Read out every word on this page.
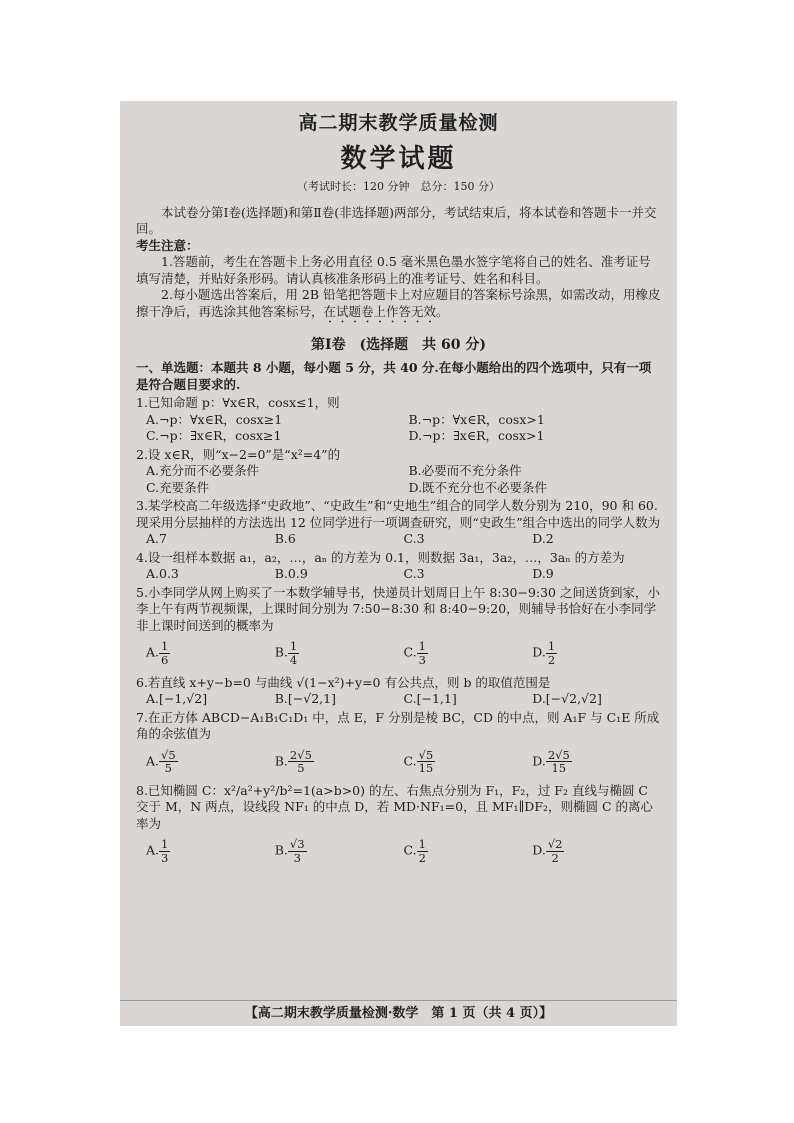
高二期末教学质量检测
数学试题
（考试时长：120 分钟　总分：150 分）

本试卷分第Ⅰ卷(选择题)和第Ⅱ卷(非选择题)两部分，考试结束后，将本试卷和答题卡一并交回。

考生注意：

1.答题前，考生在答题卡上务必用直径 0.5 毫米黑色墨水签字笔将自己的姓名、准考证号填写清楚，并贴好条形码。请认真核准条形码上的准考证号、姓名和科目。

2.每小题选出答案后，用 2B 铅笔把答题卡上对应题目的答案标号涂黑，如需改动，用橡皮擦干净后，再选涂其他答案标号，在试题卷上作答无效。

第Ⅰ卷　(选择题　共 60 分)

一、单选题：本题共 8 小题，每小题 5 分，共 40 分.在每小题给出的四个选项中，只有一项是符合题目要求的.

1.已知命题 p：∀x∈R，cosx≤1，则
A.¬p：∀x∈R，cosx≥1	B.¬p：∀x∈R，cosx>1
C.¬p：∃x∈R，cosx≥1	D.¬p：∃x∈R，cosx>1
2.设 x∈R，则“x−2=0”是“x²=4”的
A.充分而不必要条件	B.必要而不充分条件
C.充要条件	D.既不充分也不必要条件
3.某学校高二年级选择“史政地”、“史政生”和“史地生”组合的同学人数分别为 210，90 和 60.现采用分层抽样的方法选出 12 位同学进行一项调查研究，则“史政生”组合中选出的同学人数为
A.7	B.6	C.3	D.2
4.设一组样本数据 a₁，a₂，…，aₙ 的方差为 0.1，则数据 3a₁，3a₂，…，3aₙ 的方差为
A.0.3	B.0.9	C.3	D.9
5.小李同学从网上购买了一本数学辅导书，快递员计划周日上午 8:30−9:30 之间送货到家，小李上午有两节视频课，上课时间分别为 7:50−8:30 和 8:40−9:20，则辅导书恰好在小李同学非上课时间送到的概率为
A. $\frac{1}{6}$	B. $\frac{1}{4}$	C. $\frac{1}{3}$	D. $\frac{1}{2}$
6.若直线 x+y−b=0 与曲线 √(1−x²)+y=0 有公共点，则 b 的取值范围是
A.[−1,√2]	B.[−√2,1]	C.[−1,1]	D.[−√2,√2]
7.在正方体 ABCD−A₁B₁C₁D₁ 中，点 E，F 分别是棱 BC，CD 的中点，则 A₁F 与 C₁E 所成角的余弦值为
A. $\frac{√5}{5}$	B. $\frac{2√5}{5}$	C. $\frac{√5}{15}$	D. $\frac{2√5}{15}$
8.已知椭圆 C：x²/a²+y²/b²=1(a>b>0) 的左、右焦点分别为 F₁，F₂，过 F₂ 直线与椭圆 C 交于 M，N 两点，设线段 NF₁ 的中点 D，若 MD·NF₁=0，且 MF₁∥DF₂，则椭圆 C 的离心率为
A. $\frac{1}{3}$	B. $\frac{√3}{3}$	C. $\frac{1}{2}$	D. $\frac{√2}{2}$
【高二期末教学质量检测·数学　第 1 页（共 4 页）】
